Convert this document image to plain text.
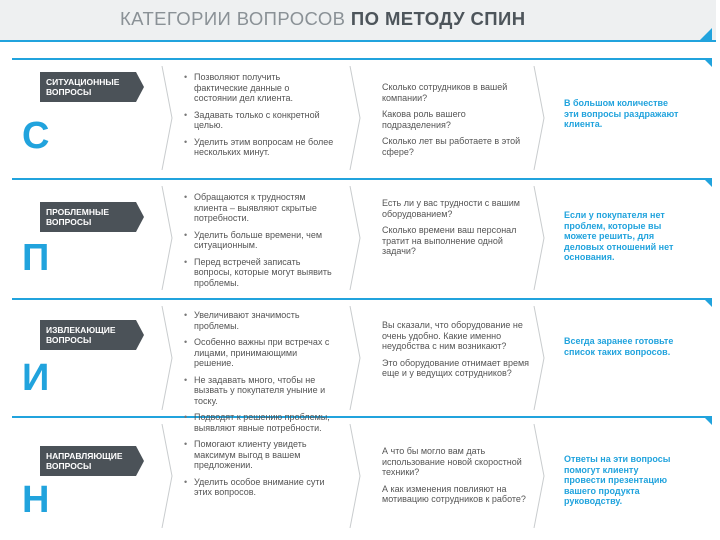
КАТЕГОРИИ ВОПРОСОВ ПО МЕТОДУ СПИН
СИТУАЦИОННЫЕ ВОПРОСЫ
С
• Позволяют получить фактические данные о состоянии дел клиента.
• Задавать только с конкретной целью.
• Уделить этим вопросам не более нескольких минут.

Сколько сотрудников в вашей компании?

Какова роль вашего подразделения?

Сколько лет вы работаете в этой сфере?

В большом количестве эти вопросы раздражают клиента.
ПРОБЛЕМНЫЕ ВОПРОСЫ
П
• Обращаются к трудностям клиента – выявляют скрытые потребности.
• Уделить больше времени, чем ситуационным.
• Перед встречей записать вопросы, которые могут выявить проблемы.

Есть ли у вас трудности с вашим оборудованием?

Сколько времени ваш персонал тратит на выполнение одной задачи?

Если у покупателя нет проблем, которые вы можете решить, для деловых отношений нет основания.
ИЗВЛЕКАЮЩИЕ ВОПРОСЫ
И
• Увеличивают значимость проблемы.
• Особенно важны при встречах с лицами, принимающими решение.
• Не задавать много, чтобы не вызвать у покупателя уныние и тоску.

Вы сказали, что оборудование не очень удобно. Какие именно неудобства с ним возникают?

Это оборудование отнимает время еще и у ведущих сотрудников?

Всегда заранее готовьте список таких вопросов.
НАПРАВЛЯЮЩИЕ ВОПРОСЫ
Н
• Подводят к решению проблемы, выявляют явные потребности.
• Помогают клиенту увидеть максимум выгод в вашем предложении.
• Уделить особое внимание сути этих вопросов.

А что бы могло вам дать использование новой скоростной техники?

А как изменения повлияют на мотивацию сотрудников к работе?

Ответы на эти вопросы помогут клиенту провести презентацию вашего продукта руководству.
